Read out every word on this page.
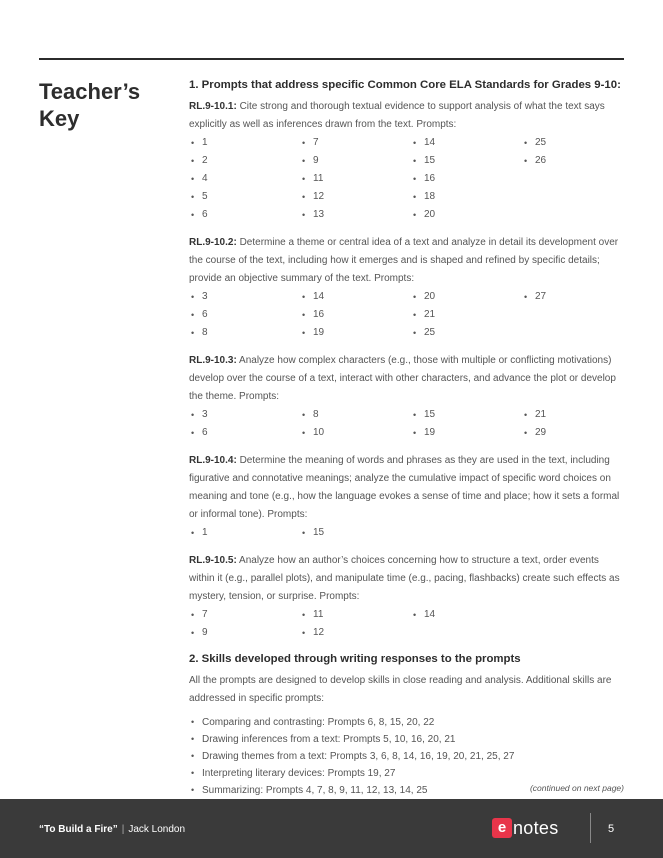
Teacher’s
Key
1. Prompts that address specific Common Core ELA Standards for Grades 9-10:

RL.9-10.1: Cite strong and thorough textual evidence to support analysis of what the text says explicitly as well as inferences drawn from the text. Prompts:

• 1
• 2
• 4
• 5
• 6
• 7
• 9
• 11
• 12
• 13
• 14
• 15
• 16
• 18
• 20
• 25
• 26

RL.9-10.2: Determine a theme or central idea of a text and analyze in detail its development over the course of the text, including how it emerges and is shaped and refined by specific details; provide an objective summary of the text. Prompts:

• 3
• 6
• 8
• 14
• 16
• 19
• 20
• 21
• 25
• 27

RL.9-10.3: Analyze how complex characters (e.g., those with multiple or conflicting motivations) develop over the course of a text, interact with other characters, and advance the plot or develop the theme. Prompts:

• 3
• 6
• 8
• 10
• 15
• 19
• 21
• 29

RL.9-10.4: Determine the meaning of words and phrases as they are used in the text, including figurative and connotative meanings; analyze the cumulative impact of specific word choices on meaning and tone (e.g., how the language evokes a sense of time and place; how it sets a formal or informal tone). Prompts:

• 1
•	15

RL.9-10.5: Analyze how an author’s choices concerning how to structure a text, order events within it (e.g., parallel plots), and manipulate time (e.g., pacing, flashbacks) create such effects as mystery, tension, or surprise. Prompts:

• 7
• 9
• 11
• 12
• 14
2. Skills developed through writing responses to the prompts

All the prompts are designed to develop skills in close reading and analysis. Additional skills are addressed in specific prompts:

• Comparing and contrasting: Prompts 6, 8, 15, 20, 22
• Drawing inferences from a text: Prompts 5, 10, 16, 20, 21
• Drawing themes from a text: Prompts 3, 6, 8, 14, 16, 19, 20, 21, 25, 27
• Interpreting literary devices: Prompts 19, 27
• Summarizing: Prompts 4, 7, 8, 9, 11, 12, 13, 14, 25	(continued on next page)
“To Build a Fire” | Jack London	e notes	5
